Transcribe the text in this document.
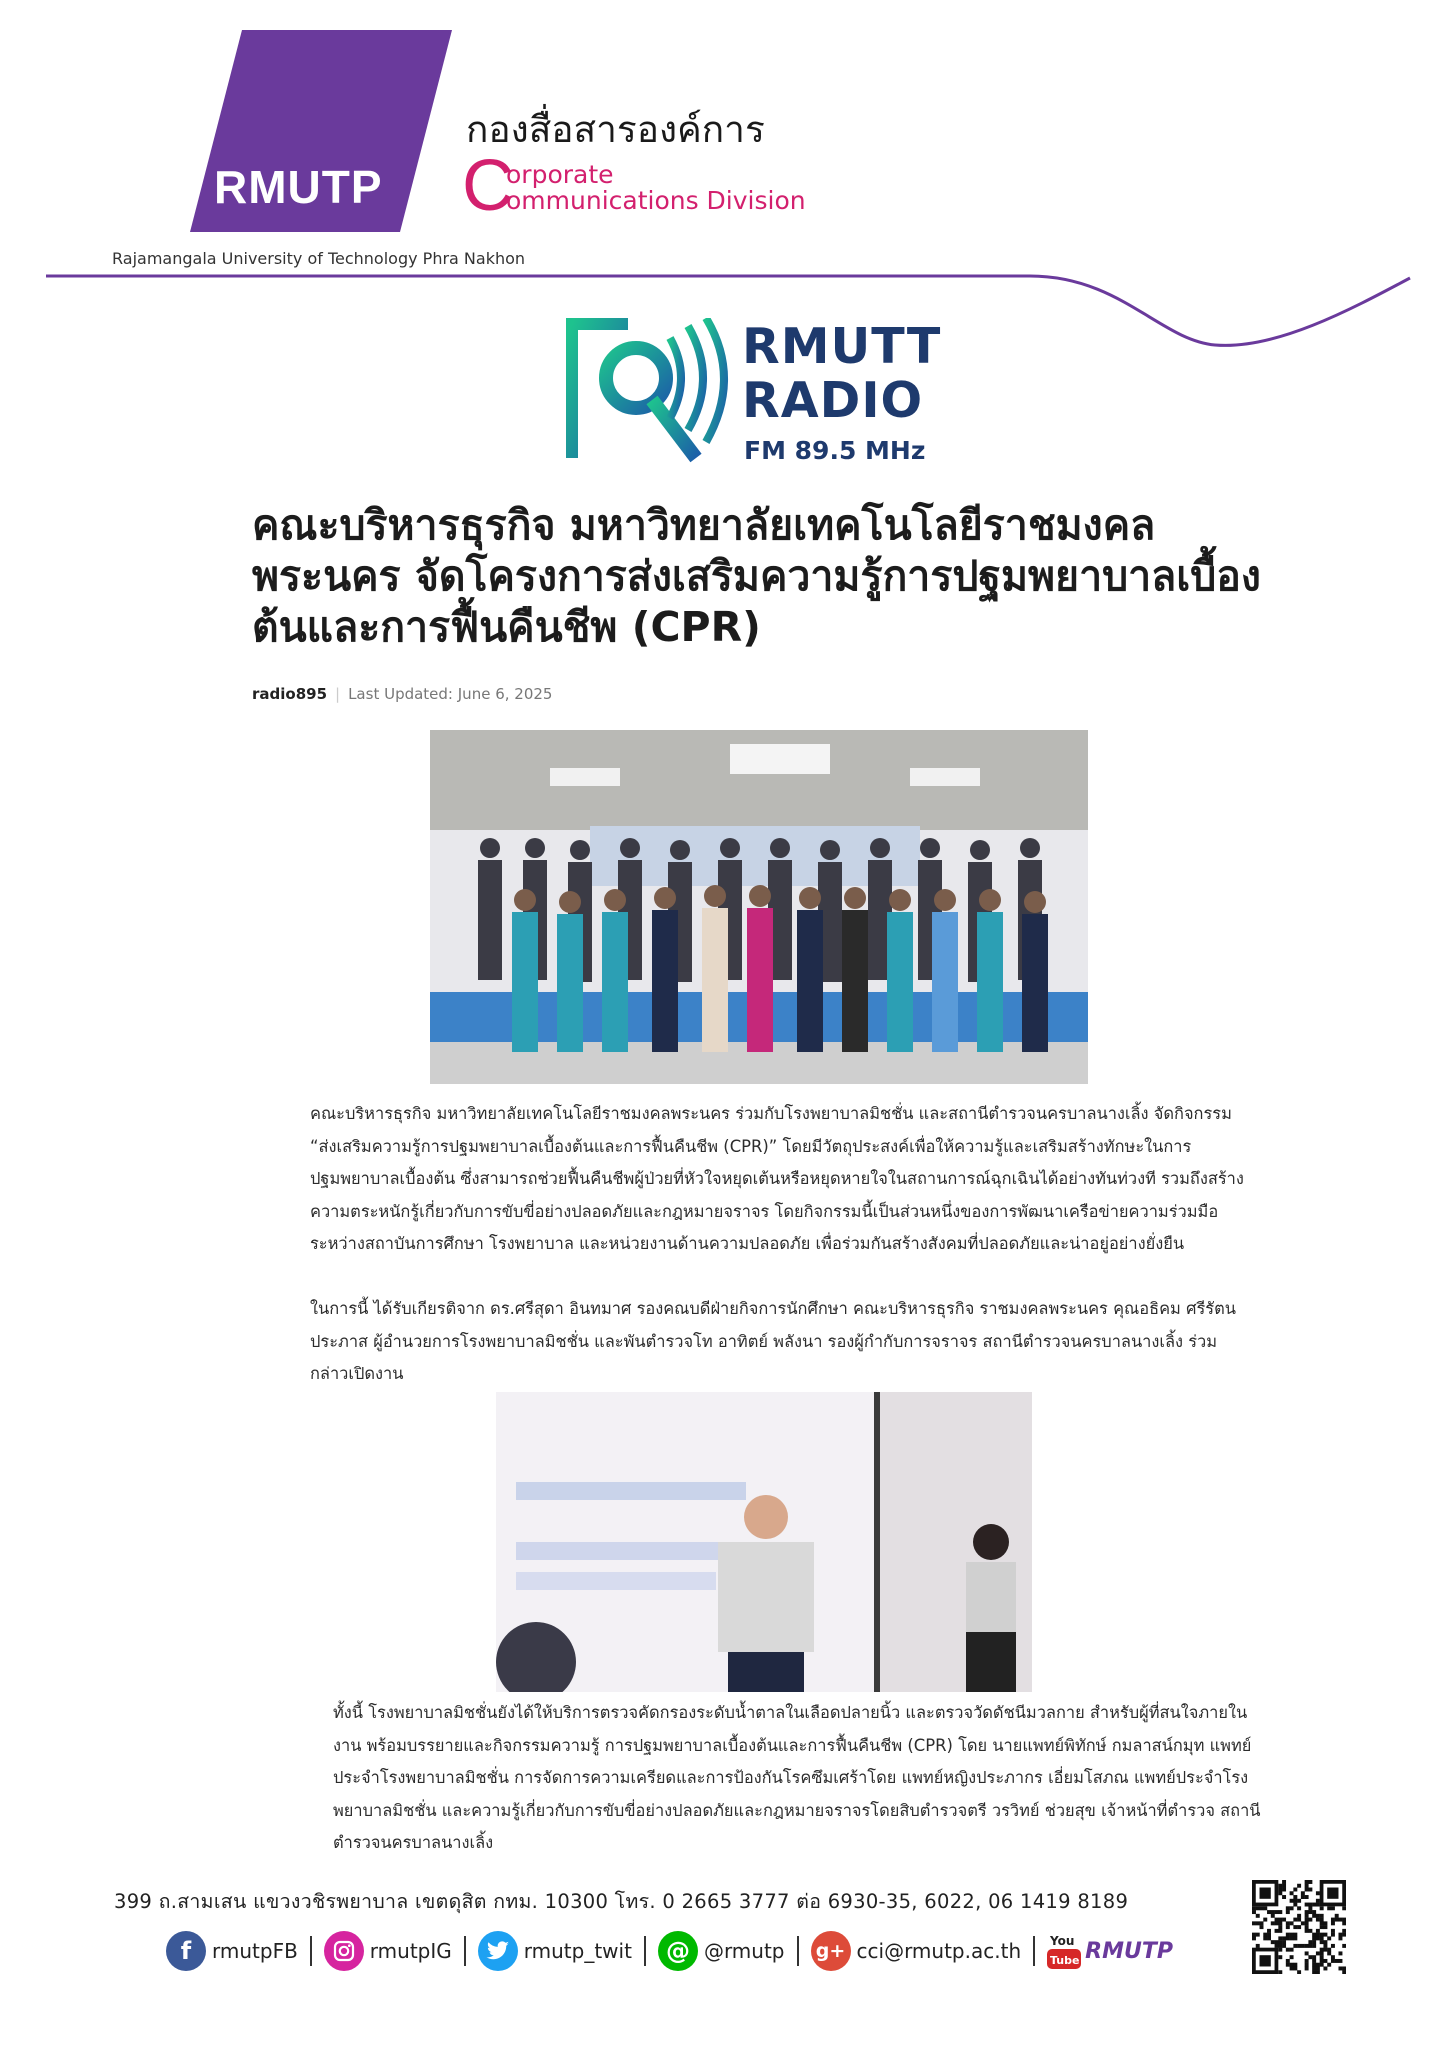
RMUTP
กองสื่อสารองค์การ
C
orporate
ommunications Division
Rajamangala University of Technology Phra Nakhon
RMUTT
RADIO
FM 89.5 MHz
คณะบริหารธุรกิจ มหาวิทยาลัยเทคโนโลยีราชมงคลพระนคร จัดโครงการส่งเสริมความรู้การปฐมพยาบาลเบื้องต้นและการฟื้นคืนชีพ (CPR)
radio895 | Last Updated: June 6, 2025

คณะบริหารธุรกิจ มหาวิทยาลัยเทคโนโลยีราชมงคลพระนคร ร่วมกับโรงพยาบาลมิชชั่น และสถานีตำรวจนครบาลนางเลิ้ง จัดกิจกรรม “ส่งเสริมความรู้การปฐมพยาบาลเบื้องต้นและการฟื้นคืนชีพ (CPR)” โดยมีวัตถุประสงค์เพื่อให้ความรู้และเสริมสร้างทักษะในการปฐมพยาบาลเบื้องต้น ซึ่งสามารถช่วยฟื้นคืนชีพผู้ป่วยที่หัวใจหยุดเต้นหรือหยุดหายใจในสถานการณ์ฉุกเฉินได้อย่างทันท่วงที รวมถึงสร้างความตระหนักรู้เกี่ยวกับการขับขี่อย่างปลอดภัยและกฎหมายจราจร โดยกิจกรรมนี้เป็นส่วนหนึ่งของการพัฒนาเครือข่ายความร่วมมือระหว่างสถาบันการศึกษา โรงพยาบาล และหน่วยงานด้านความปลอดภัย เพื่อร่วมกันสร้างสังคมที่ปลอดภัยและน่าอยู่อย่างยั่งยืน

ในการนี้ ได้รับเกียรติจาก ดร.ศรีสุดา อินทมาศ รองคณบดีฝ่ายกิจการนักศึกษา คณะบริหารธุรกิจ ราชมงคลพระนคร คุณอธิคม ศรีรัตนประภาส ผู้อำนวยการโรงพยาบาลมิชชั่น และพันตำรวจโท อาทิตย์ พลังนา รองผู้กำกับการจราจร สถานีตำรวจนครบาลนางเลิ้ง ร่วมกล่าวเปิดงาน

ทั้งนี้ โรงพยาบาลมิชชั่นยังได้ให้บริการตรวจคัดกรองระดับน้ำตาลในเลือดปลายนิ้ว และตรวจวัดดัชนีมวลกาย สำหรับผู้ที่สนใจภายในงาน พร้อมบรรยายและกิจกรรมความรู้ การปฐมพยาบาลเบื้องต้นและการฟื้นคืนชีพ (CPR) โดย นายแพทย์พิทักษ์ กมลาสน์กมุท แพทย์ประจำโรงพยาบาลมิชชั่น การจัดการความเครียดและการป้องกันโรคซึมเศร้าโดย แพทย์หญิงประภากร เอี่ยมโสภณ แพทย์ประจำโรงพยาบาลมิชชั่น และความรู้เกี่ยวกับการขับขี่อย่างปลอดภัยและกฎหมายจราจรโดยสิบตำรวจตรี วรวิทย์ ช่วยสุข เจ้าหน้าที่ตำรวจ สถานีตำรวจนครบาลนางเลิ้ง

399 ถ.สามเสน แขวงวชิรพยาบาล เขตดุสิต กทม. 10300 โทร. 0 2665 3777 ต่อ 6930-35, 6022, 06 1419 8189
f	rmutpFB	rmutpIG	rmutp_twit	@ @rmutp g+ cci@rmutp.ac.th You
Tube RMUTP
